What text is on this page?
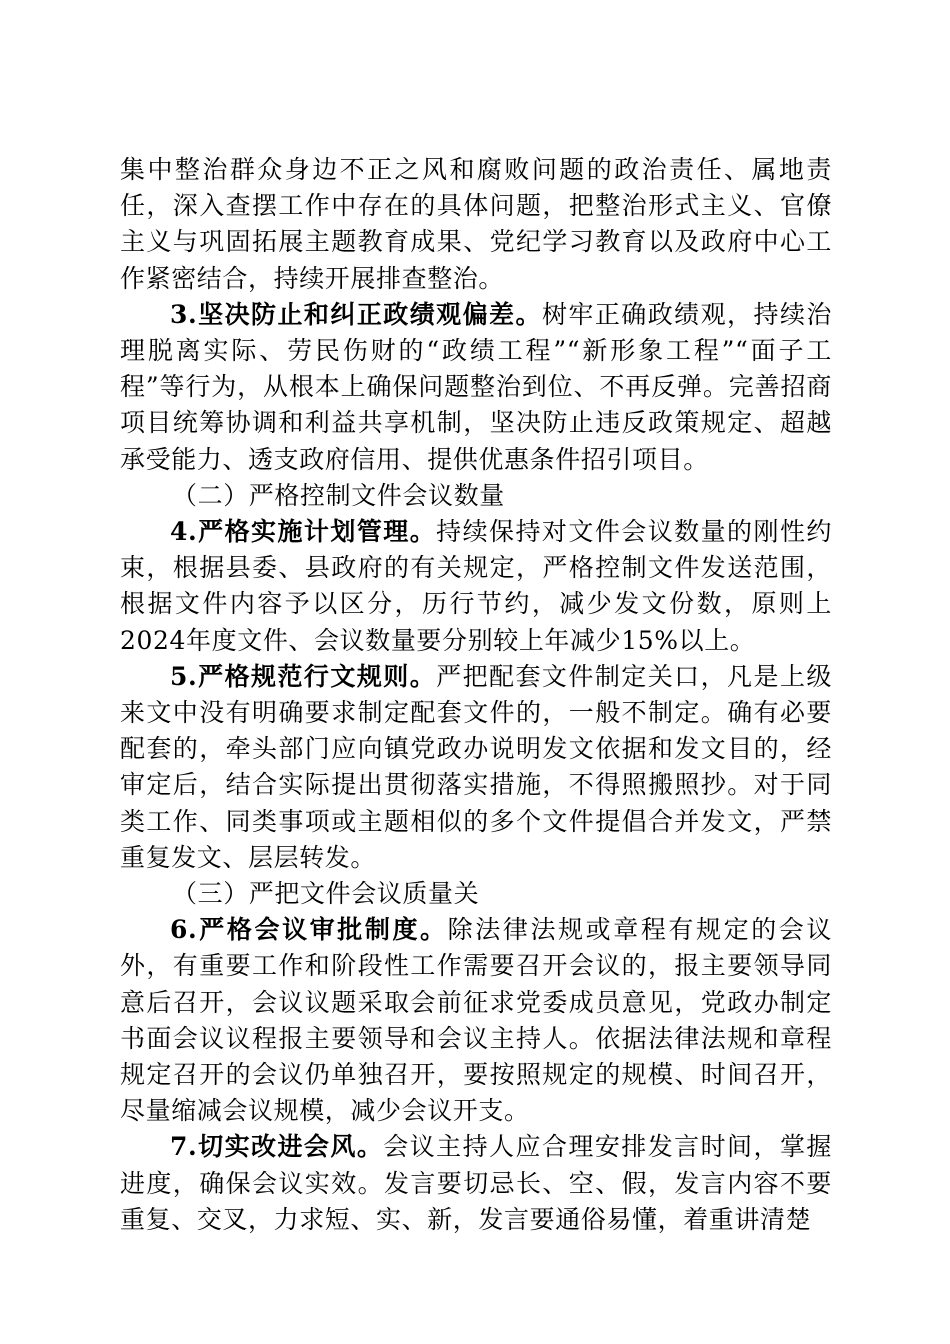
集中整治群众身边不正之风和腐败问题的政治责任、属地责任，深入查摆工作中存在的具体问题，把整治形式主义、官僚主义与巩固拓展主题教育成果、党纪学习教育以及政府中心工作紧密结合，持续开展排查整治。

3.坚决防止和纠正政绩观偏差。树牢正确政绩观，持续治理脱离实际、劳民伤财的“政绩工程”“新形象工程”“面子工程”等行为，从根本上确保问题整治到位、不再反弹。完善招商项目统筹协调和利益共享机制，坚决防止违反政策规定、超越承受能力、透支政府信用、提供优惠条件招引项目。

（二）严格控制文件会议数量

4.严格实施计划管理。持续保持对文件会议数量的刚性约束，根据县委、县政府的有关规定，严格控制文件发送范围，根据文件内容予以区分，历行节约，减少发文份数，原则上2024年度文件、会议数量要分别较上年减少15%以上。

5.严格规范行文规则。严把配套文件制定关口，凡是上级来文中没有明确要求制定配套文件的，一般不制定。确有必要配套的，牵头部门应向镇党政办说明发文依据和发文目的，经审定后，结合实际提出贯彻落实措施，不得照搬照抄。对于同类工作、同类事项或主题相似的多个文件提倡合并发文，严禁重复发文、层层转发。

（三）严把文件会议质量关

6.严格会议审批制度。除法律法规或章程有规定的会议外，有重要工作和阶段性工作需要召开会议的，报主要领导同意后召开，会议议题采取会前征求党委成员意见，党政办制定书面会议议程报主要领导和会议主持人。依据法律法规和章程规定召开的会议仍单独召开，要按照规定的规模、时间召开，尽量缩减会议规模，减少会议开支。

7.切实改进会风。会议主持人应合理安排发言时间，掌握进度，确保会议实效。发言要切忌长、空、假，发言内容不要重复、交叉，力求短、实、新，发言要通俗易懂，着重讲清楚
